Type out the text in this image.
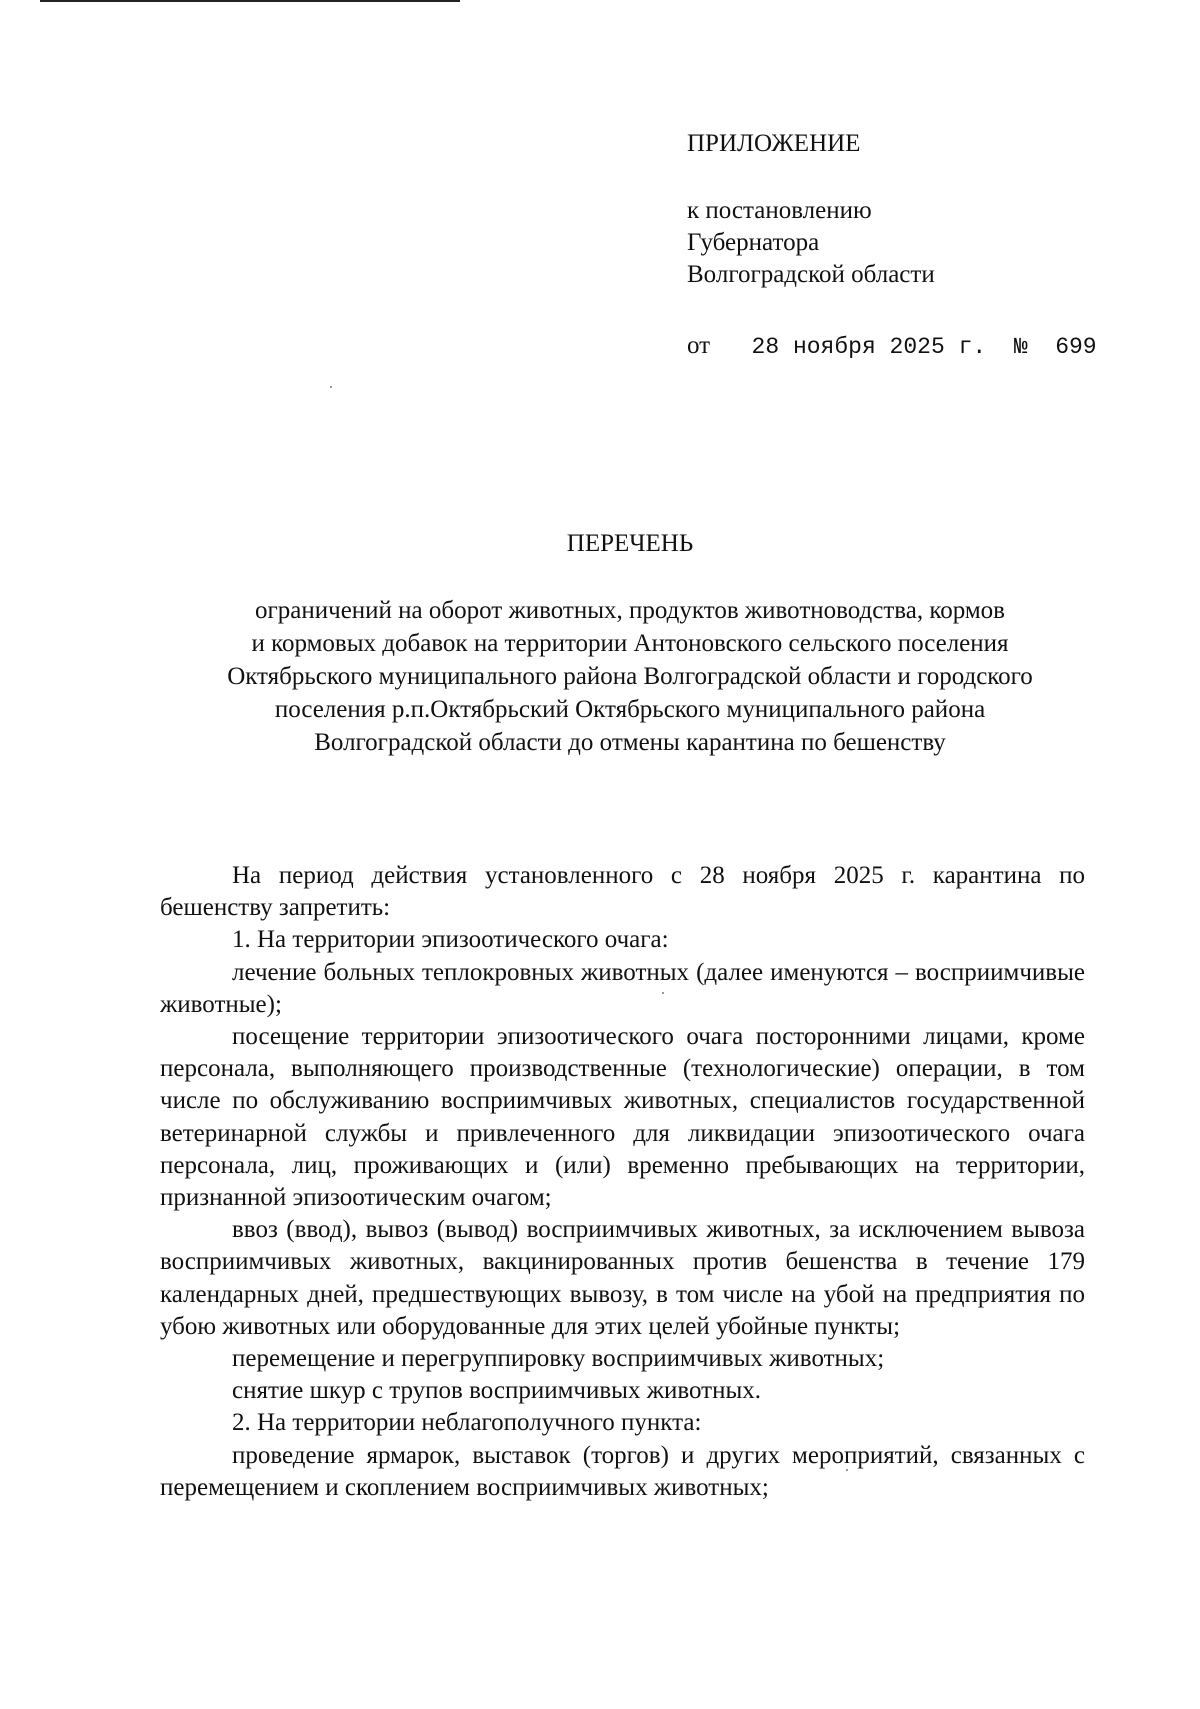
ПРИЛОЖЕНИЕ
к постановлению
Губернатора
Волгоградской области
от 28 ноября 2025 г. № 699
ПЕРЕЧЕНЬ
ограничений на оборот животных, продуктов животноводства, кормов
и кормовых добавок на территории Антоновского сельского поселения
Октябрьского муниципального района Волгоградской области и городского
поселения р.п.Октябрьский Октябрьского муниципального района
Волгоградской области до отмены карантина по бешенству

На период действия установленного с 28 ноября 2025 г. карантина по бешенству запретить:

1. На территории эпизоотического очага:

лечение больных теплокровных животных (далее именуются – восприимчивые животные);

посещение территории эпизоотического очага посторонними лицами, кроме персонала, выполняющего производственные (технологические) операции, в том числе по обслуживанию восприимчивых животных, специалистов государственной ветеринарной службы и привлеченного для ликвидации эпизоотического очага персонала, лиц, проживающих и (или) временно пребывающих на территории, признанной эпизоотическим очагом;

ввоз (ввод), вывоз (вывод) восприимчивых животных, за исключением вывоза восприимчивых животных, вакцинированных против бешенства в течение 179 календарных дней, предшествующих вывозу, в том числе на убой на предприятия по убою животных или оборудованные для этих целей убойные пункты;

перемещение и перегруппировку восприимчивых животных;

снятие шкур с трупов восприимчивых животных.

2. На территории неблагополучного пункта:

проведение ярмарок, выставок (торгов) и других мероприятий, связанных с перемещением и скоплением восприимчивых животных;
